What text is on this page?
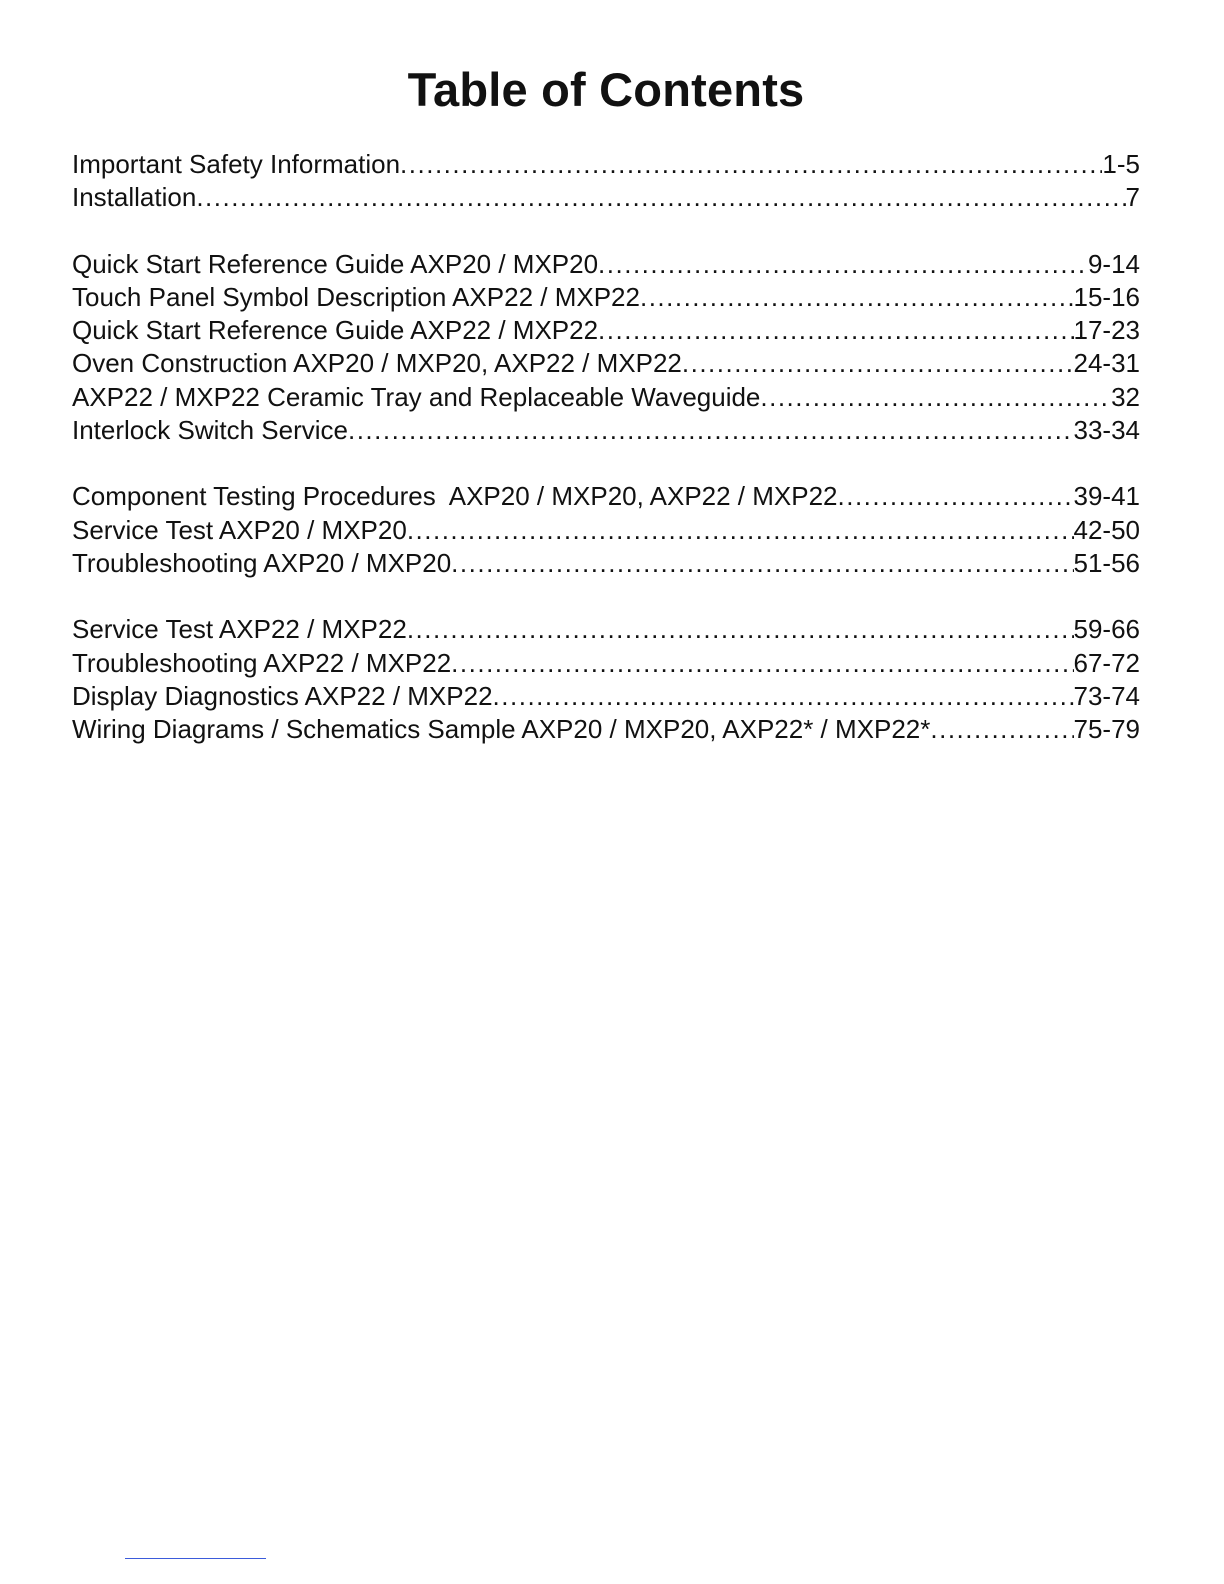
Table of Contents
Important Safety Information .....	1-5
Installation .....	7
Quick Start Reference Guide AXP20 / MXP20 .....	9-14
Touch Panel Symbol Description AXP22 / MXP22 .....	15-16
Quick Start Reference Guide AXP22 / MXP22 .....	17-23
Oven Construction AXP20 / MXP20, AXP22 / MXP22 .....	24-31
AXP22 / MXP22 Ceramic Tray and Replaceable Waveguide .....	32
Interlock Switch Service .....	33-34
Component Testing Procedures  AXP20 / MXP20, AXP22 / MXP22 .....	39-41
Service Test AXP20 / MXP20 .....	42-50
Troubleshooting AXP20 / MXP20 .....	51-56
Service Test AXP22 / MXP22 .....	59-66
Troubleshooting AXP22 / MXP22 .....	67-72
Display Diagnostics AXP22 / MXP22 .....	73-74
Wiring Diagrams / Schematics Sample AXP20 / MXP20, AXP22* / MXP22* .....	75-79
